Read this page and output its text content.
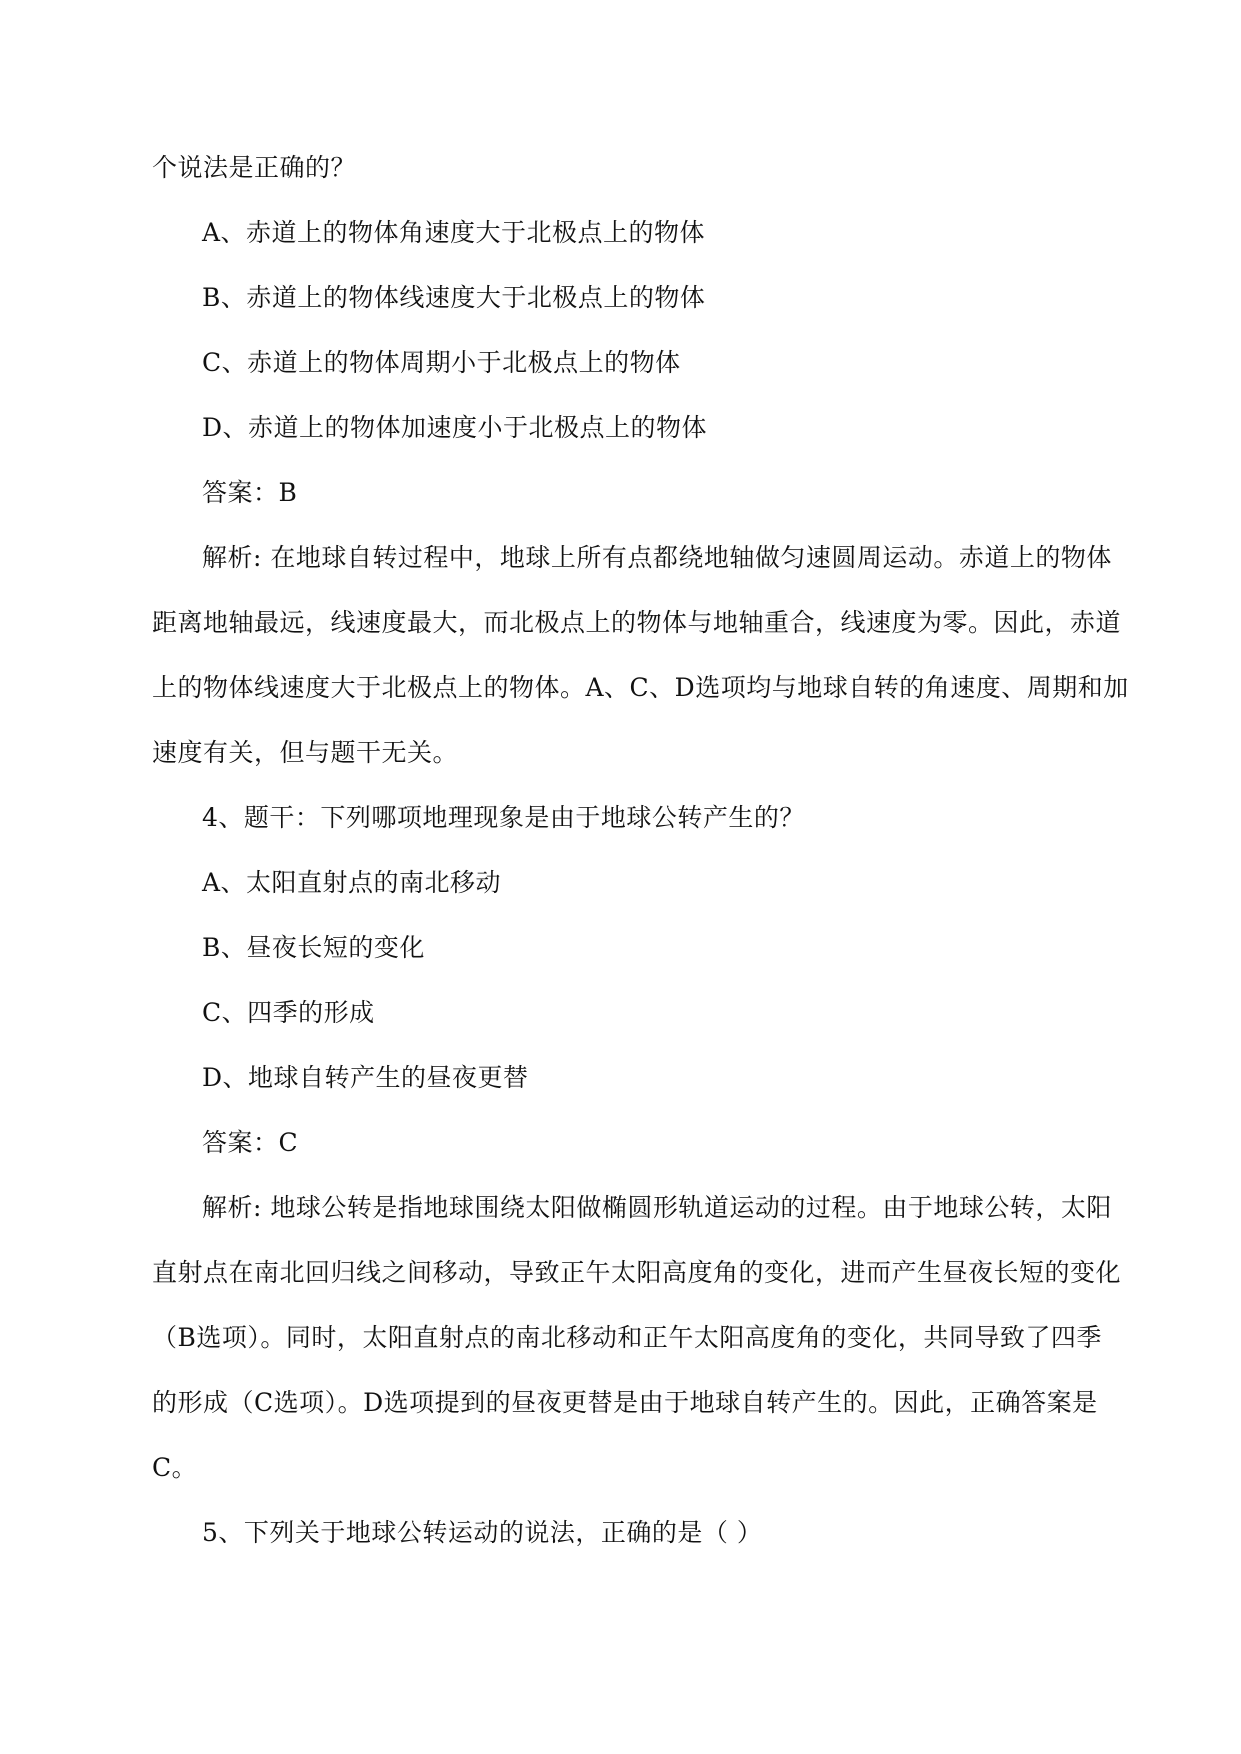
个说法是正确的？
A、赤道上的物体角速度大于北极点上的物体
B、赤道上的物体线速度大于北极点上的物体
C、赤道上的物体周期小于北极点上的物体
D、赤道上的物体加速度小于北极点上的物体
答案：B
解析: 在地球自转过程中，地球上所有点都绕地轴做匀速圆周运动。赤道上的物体
距离地轴最远，线速度最大，而北极点上的物体与地轴重合，线速度为零。因此，赤道
上的物体线速度大于北极点上的物体。A、C、D选项均与地球自转的角速度、周期和加
速度有关，但与题干无关。
4、题干：下列哪项地理现象是由于地球公转产生的？
A、太阳直射点的南北移动
B、昼夜长短的变化
C、四季的形成
D、地球自转产生的昼夜更替
答案：C
解析: 地球公转是指地球围绕太阳做椭圆形轨道运动的过程。由于地球公转，太阳
直射点在南北回归线之间移动，导致正午太阳高度角的变化，进而产生昼夜长短的变化
（B选项）。同时，太阳直射点的南北移动和正午太阳高度角的变化，共同导致了四季
的形成（C选项）。D选项提到的昼夜更替是由于地球自转产生的。因此，正确答案是
C。
5、下列关于地球公转运动的说法，正确的是（ ）
